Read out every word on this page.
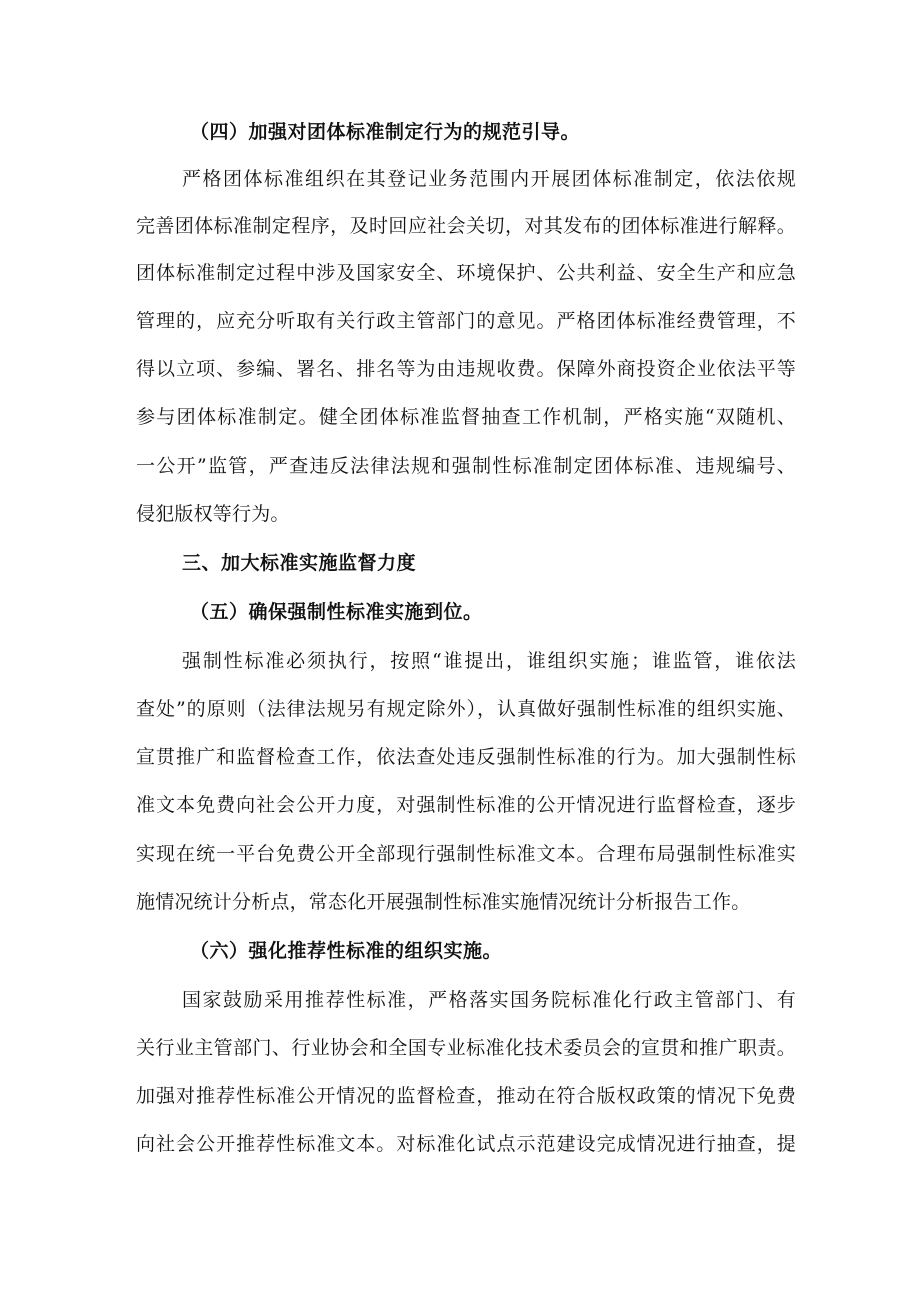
（四）加强对团体标准制定行为的规范引导。
严格团体标准组织在其登记业务范围内开展团体标准制定，依法依规
完善团体标准制定程序，及时回应社会关切，对其发布的团体标准进行解释。
团体标准制定过程中涉及国家安全、环境保护、公共利益、安全生产和应急
管理的，应充分听取有关行政主管部门的意见。严格团体标准经费管理，不
得以立项、参编、署名、排名等为由违规收费。保障外商投资企业依法平等
参与团体标准制定。健全团体标准监督抽查工作机制，严格实施“双随机、
一公开”监管，严查违反法律法规和强制性标准制定团体标准、违规编号、
侵犯版权等行为。
三、加大标准实施监督力度
（五）确保强制性标准实施到位。
强制性标准必须执行，按照“谁提出，谁组织实施；谁监管，谁依法
查处”的原则（法律法规另有规定除外），认真做好强制性标准的组织实施、
宣贯推广和监督检查工作，依法查处违反强制性标准的行为。加大强制性标
准文本免费向社会公开力度，对强制性标准的公开情况进行监督检查，逐步
实现在统一平台免费公开全部现行强制性标准文本。合理布局强制性标准实
施情况统计分析点，常态化开展强制性标准实施情况统计分析报告工作。
（六）强化推荐性标准的组织实施。
国家鼓励采用推荐性标准，严格落实国务院标准化行政主管部门、有
关行业主管部门、行业协会和全国专业标准化技术委员会的宣贯和推广职责。
加强对推荐性标准公开情况的监督检查，推动在符合版权政策的情况下免费
向社会公开推荐性标准文本。对标准化试点示范建设完成情况进行抽查，提
